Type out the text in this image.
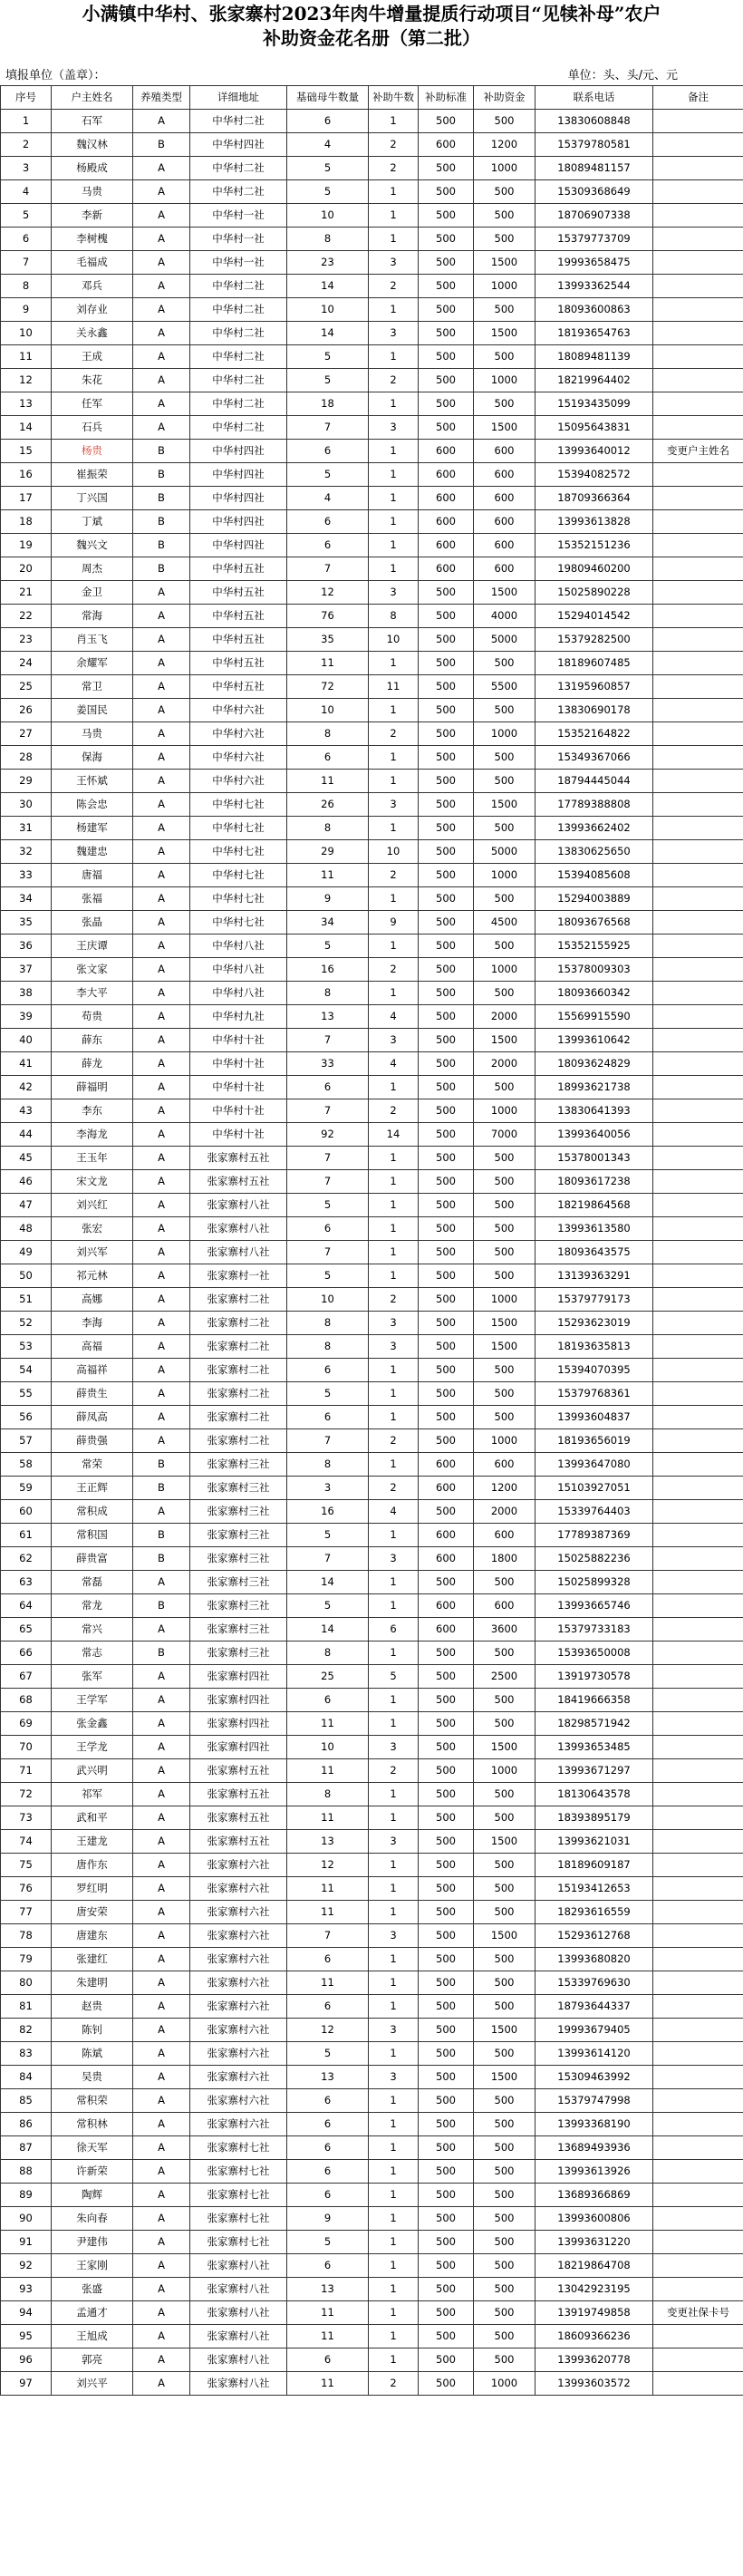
小满镇中华村、张家寨村2023年肉牛增量提质行动项目“见犊补母”农户
补助资金花名册（第二批）
填报单位（盖章）：	单位：头、头/元、元
序号	户主姓名	养殖类型	详细地址	基础母牛数量	补助牛数	补助标准	补助资金	联系电话	备注
1	石军	A	中华村二社	6	1	500	500	13830608848	
2	魏汉林	B	中华村四社	4	2	600	1200	15379780581	
3	杨殿成	A	中华村二社	5	2	500	1000	18089481157	
4	马贵	A	中华村二社	5	1	500	500	15309368649	
5	李新	A	中华村一社	10	1	500	500	18706907338	
6	李树槐	A	中华村一社	8	1	500	500	15379773709	
7	毛福成	A	中华村一社	23	3	500	1500	19993658475	
8	邓兵	A	中华村二社	14	2	500	1000	13993362544	
9	刘存业	A	中华村二社	10	1	500	500	18093600863	
10	关永鑫	A	中华村二社	14	3	500	1500	18193654763	
11	王成	A	中华村二社	5	1	500	500	18089481139	
12	朱花	A	中华村二社	5	2	500	1000	18219964402	
13	任军	A	中华村二社	18	1	500	500	15193435099	
14	石兵	A	中华村二社	7	3	500	1500	15095643831	
15	杨贵	B	中华村四社	6	1	600	600	13993640012	变更户主姓名
16	崔振荣	B	中华村四社	5	1	600	600	15394082572	
17	丁兴国	B	中华村四社	4	1	600	600	18709366364	
18	丁斌	B	中华村四社	6	1	600	600	13993613828	
19	魏兴文	B	中华村四社	6	1	600	600	15352151236	
20	周杰	B	中华村五社	7	1	600	600	19809460200	
21	金卫	A	中华村五社	12	3	500	1500	15025890228	
22	常海	A	中华村五社	76	8	500	4000	15294014542	
23	肖玉飞	A	中华村五社	35	10	500	5000	15379282500	
24	余耀军	A	中华村五社	11	1	500	500	18189607485	
25	常卫	A	中华村五社	72	11	500	5500	13195960857	
26	姜国民	A	中华村六社	10	1	500	500	13830690178	
27	马贵	A	中华村六社	8	2	500	1000	15352164822	
28	保海	A	中华村六社	6	1	500	500	15349367066	
29	王怀斌	A	中华村六社	11	1	500	500	18794445044	
30	陈会忠	A	中华村七社	26	3	500	1500	17789388808	
31	杨建军	A	中华村七社	8	1	500	500	13993662402	
32	魏建忠	A	中华村七社	29	10	500	5000	13830625650	
33	唐福	A	中华村七社	11	2	500	1000	15394085608	
34	张福	A	中华村七社	9	1	500	500	15294003889	
35	张晶	A	中华村七社	34	9	500	4500	18093676568	
36	王庆谭	A	中华村八社	5	1	500	500	15352155925	
37	张文家	A	中华村八社	16	2	500	1000	15378009303	
38	李大平	A	中华村八社	8	1	500	500	18093660342	
39	苟贵	A	中华村九社	13	4	500	2000	15569915590	
40	薛东	A	中华村十社	7	3	500	1500	13993610642	
41	薛龙	A	中华村十社	33	4	500	2000	18093624829	
42	薛福明	A	中华村十社	6	1	500	500	18993621738	
43	李东	A	中华村十社	7	2	500	1000	13830641393	
44	李海龙	A	中华村十社	92	14	500	7000	13993640056	
45	王玉年	A	张家寨村五社	7	1	500	500	15378001343	
46	宋文龙	A	张家寨村五社	7	1	500	500	18093617238	
47	刘兴红	A	张家寨村八社	5	1	500	500	18219864568	
48	张宏	A	张家寨村八社	6	1	500	500	13993613580	
49	刘兴军	A	张家寨村八社	7	1	500	500	18093643575	
50	祁元林	A	张家寨村一社	5	1	500	500	13139363291	
51	高娜	A	张家寨村二社	10	2	500	1000	15379779173	
52	李海	A	张家寨村二社	8	3	500	1500	15293623019	
53	高福	A	张家寨村二社	8	3	500	1500	18193635813	
54	高福祥	A	张家寨村二社	6	1	500	500	15394070395	
55	薛贵生	A	张家寨村二社	5	1	500	500	15379768361	
56	薛凤高	A	张家寨村二社	6	1	500	500	13993604837	
57	薛贵强	A	张家寨村二社	7	2	500	1000	18193656019	
58	常荣	B	张家寨村三社	8	1	600	600	13993647080	
59	王正辉	B	张家寨村三社	3	2	600	1200	15103927051	
60	常积成	A	张家寨村三社	16	4	500	2000	15339764403	
61	常积国	B	张家寨村三社	5	1	600	600	17789387369	
62	薛贵富	B	张家寨村三社	7	3	600	1800	15025882236	
63	常磊	A	张家寨村三社	14	1	500	500	15025899328	
64	常龙	B	张家寨村三社	5	1	600	600	13993665746	
65	常兴	A	张家寨村三社	14	6	600	3600	15379733183	
66	常志	B	张家寨村三社	8	1	500	500	15393650008	
67	张军	A	张家寨村四社	25	5	500	2500	13919730578	
68	王学军	A	张家寨村四社	6	1	500	500	18419666358	
69	张金鑫	A	张家寨村四社	11	1	500	500	18298571942	
70	王学龙	A	张家寨村四社	10	3	500	1500	13993653485	
71	武兴明	A	张家寨村五社	11	2	500	1000	13993671297	
72	祁军	A	张家寨村五社	8	1	500	500	18130643578	
73	武和平	A	张家寨村五社	11	1	500	500	18393895179	
74	王建龙	A	张家寨村五社	13	3	500	1500	13993621031	
75	唐作东	A	张家寨村六社	12	1	500	500	18189609187	
76	罗红明	A	张家寨村六社	11	1	500	500	15193412653	
77	唐安荣	A	张家寨村六社	11	1	500	500	18293616559	
78	唐建东	A	张家寨村六社	7	3	500	1500	15293612768	
79	张建红	A	张家寨村六社	6	1	500	500	13993680820	
80	朱建明	A	张家寨村六社	11	1	500	500	15339769630	
81	赵贵	A	张家寨村六社	6	1	500	500	18793644337	
82	陈钊	A	张家寨村六社	12	3	500	1500	19993679405	
83	陈斌	A	张家寨村六社	5	1	500	500	13993614120	
84	吴贵	A	张家寨村六社	13	3	500	1500	15309463992	
85	常积荣	A	张家寨村六社	6	1	500	500	15379747998	
86	常积林	A	张家寨村六社	6	1	500	500	13993368190	
87	徐天军	A	张家寨村七社	6	1	500	500	13689493936	
88	许新荣	A	张家寨村七社	6	1	500	500	13993613926	
89	陶辉	A	张家寨村七社	6	1	500	500	13689366869	
90	朱向春	A	张家寨村七社	9	1	500	500	13993600806	
91	尹建伟	A	张家寨村七社	5	1	500	500	13993631220	
92	王家刚	A	张家寨村八社	6	1	500	500	18219864708	
93	张盛	A	张家寨村八社	13	1	500	500	13042923195	
94	孟通才	A	张家寨村八社	11	1	500	500	13919749858	变更社保卡号
95	王旭成	A	张家寨村八社	11	1	500	500	18609366236	
96	郭亮	A	张家寨村八社	6	1	500	500	13993620778	
97	刘兴平	A	张家寨村八社	11	2	500	1000	13993603572	
